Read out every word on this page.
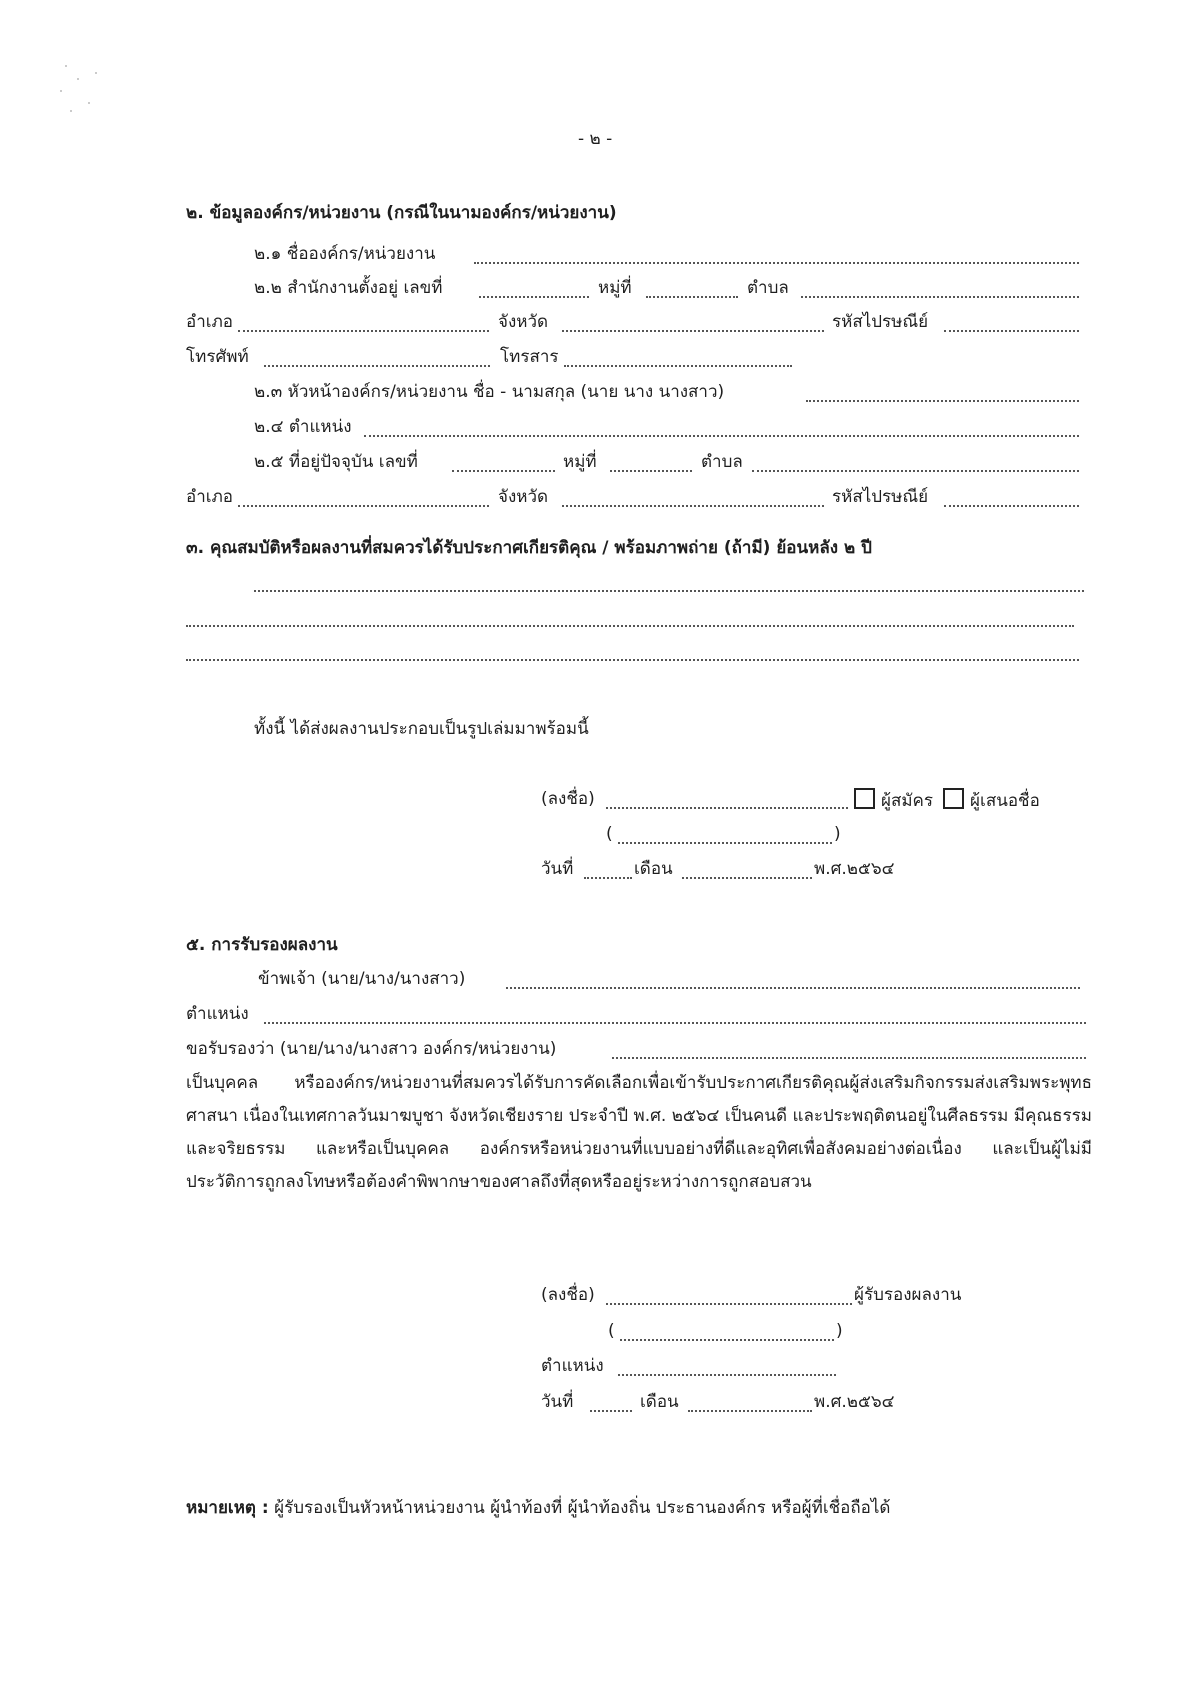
- ๒ -
๒. ข้อมูลองค์กร/หน่วยงาน (กรณีในนามองค์กร/หน่วยงาน)
๒.๑ ชื่อองค์กร/หน่วยงาน
๒.๒ สำนักงานตั้งอยู่ เลขที่	หมู่ที่	ตำบล
อำเภอ	จังหวัด	รหัสไปรษณีย์
โทรศัพท์	โทรสาร
๒.๓ หัวหน้าองค์กร/หน่วยงาน ชื่อ - นามสกุล (นาย นาง นางสาว)
๒.๔ ตำแหน่ง
๒.๕ ที่อยู่ปัจจุบัน เลขที่	หมู่ที่	ตำบล
อำเภอ	จังหวัด	รหัสไปรษณีย์
๓. คุณสมบัติหรือผลงานที่สมควรได้รับประกาศเกียรติคุณ / พร้อมภาพถ่าย (ถ้ามี) ย้อนหลัง ๒ ปี
ทั้งนี้ ได้ส่งผลงานประกอบเป็นรูปเล่มมาพร้อมนี้
(ลงชื่อ)	ผู้สมัคร ผู้เสนอชื่อ
(	)
วันที่	เดือน	พ.ศ.๒๕๖๔
๕. การรับรองผลงาน
ข้าพเจ้า (นาย/นาง/นางสาว)
ตำแหน่ง
ขอรับรองว่า (นาย/นาง/นางสาว องค์กร/หน่วยงาน)
เป็นบุคคล หรือองค์กร/หน่วยงานที่สมควรได้รับการคัดเลือกเพื่อเข้ารับประกาศเกียรติคุณผู้ส่งเสริมกิจกรรมส่งเสริมพระพุทธศาสนา เนื่องในเทศกาลวันมาฆบูชา จังหวัดเชียงราย ประจำปี พ.ศ. ๒๕๖๔ เป็นคนดี และประพฤติตนอยู่ในศีลธรรม มีคุณธรรมและจริยธรรม และหรือเป็นบุคคล องค์กรหรือหน่วยงานที่แบบอย่างที่ดีและอุทิศเพื่อสังคมอย่างต่อเนื่อง และเป็นผู้ไม่มีประวัติการถูกลงโทษหรือต้องคำพิพากษาของศาลถึงที่สุดหรืออยู่ระหว่างการถูกสอบสวน
(ลงชื่อ)	ผู้รับรองผลงาน
(	)
ตำแหน่ง
วันที่	เดือน	พ.ศ.๒๕๖๔
หมายเหตุ : ผู้รับรองเป็นหัวหน้าหน่วยงาน ผู้นำท้องที่ ผู้นำท้องถิ่น ประธานองค์กร หรือผู้ที่เชื่อถือได้
